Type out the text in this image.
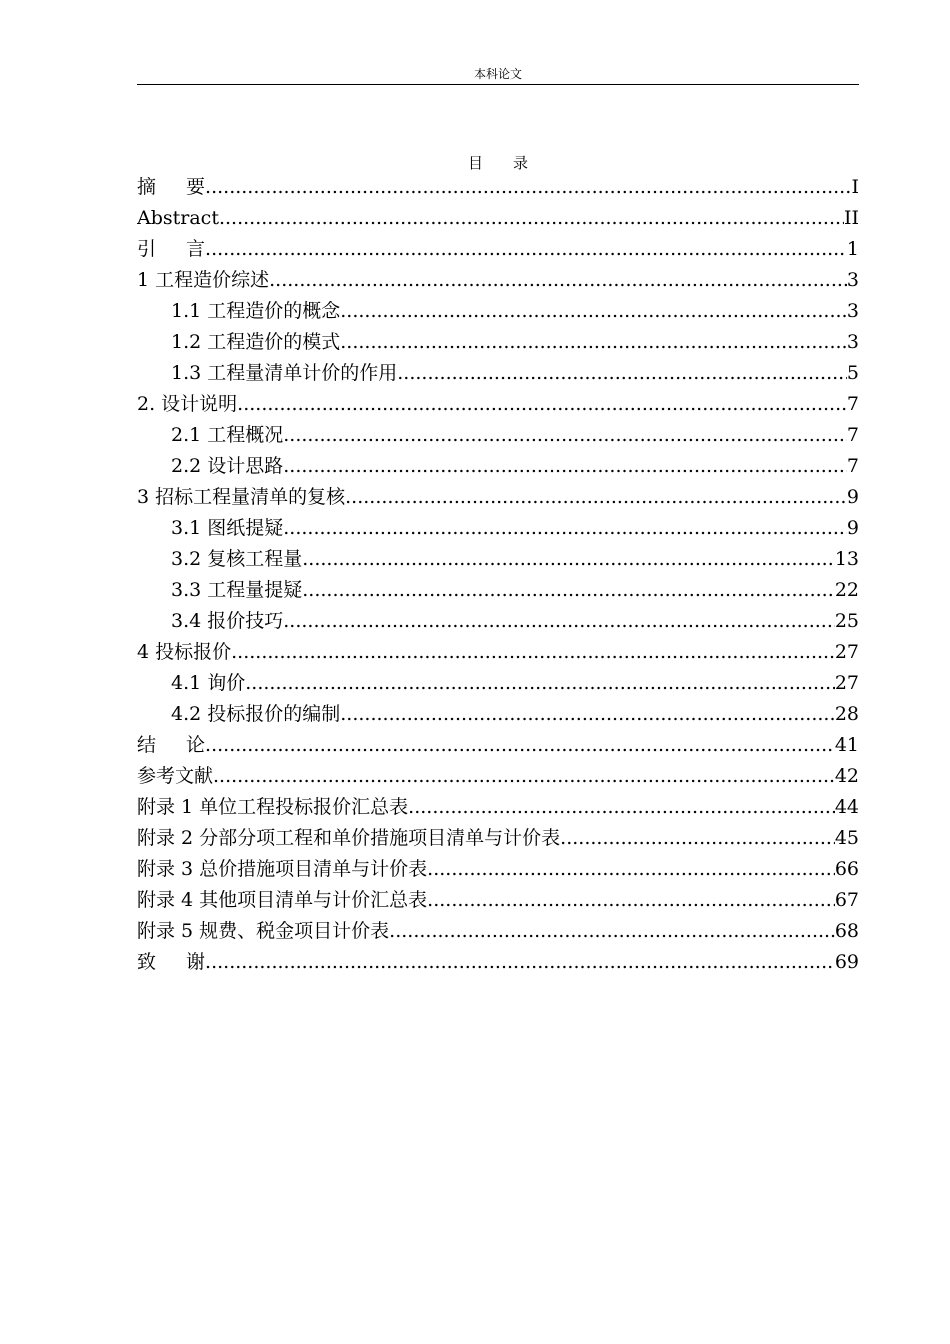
本科论文
目 录
摘 要 .....	I
Abstract .....	II
引 言 .....	1
1 工程造价综述 .....	3
1.1 工程造价的概念 .....	3
1.2 工程造价的模式 .....	3
1.3 工程量清单计价的作用 .....	5
2. 设计说明 .....	7
2.1 工程概况 .....	7
2.2 设计思路 .....	7
3 招标工程量清单的复核 .....	9
3.1 图纸提疑 .....	9
3.2 复核工程量 .....	13
3.3 工程量提疑 .....	22
3.4 报价技巧 .....	25
4 投标报价 .....	27
4.1 询价 .....	27
4.2 投标报价的编制 .....	28
结 论 .....	41
参考文献 .....	42
附录 1 单位工程投标报价汇总表 .....	44
附录 2 分部分项工程和单价措施项目清单与计价表 .....	45
附录 3 总价措施项目清单与计价表 .....	66
附录 4 其他项目清单与计价汇总表 .....	67
附录 5 规费、税金项目计价表 .....	68
致 谢 .....	69
